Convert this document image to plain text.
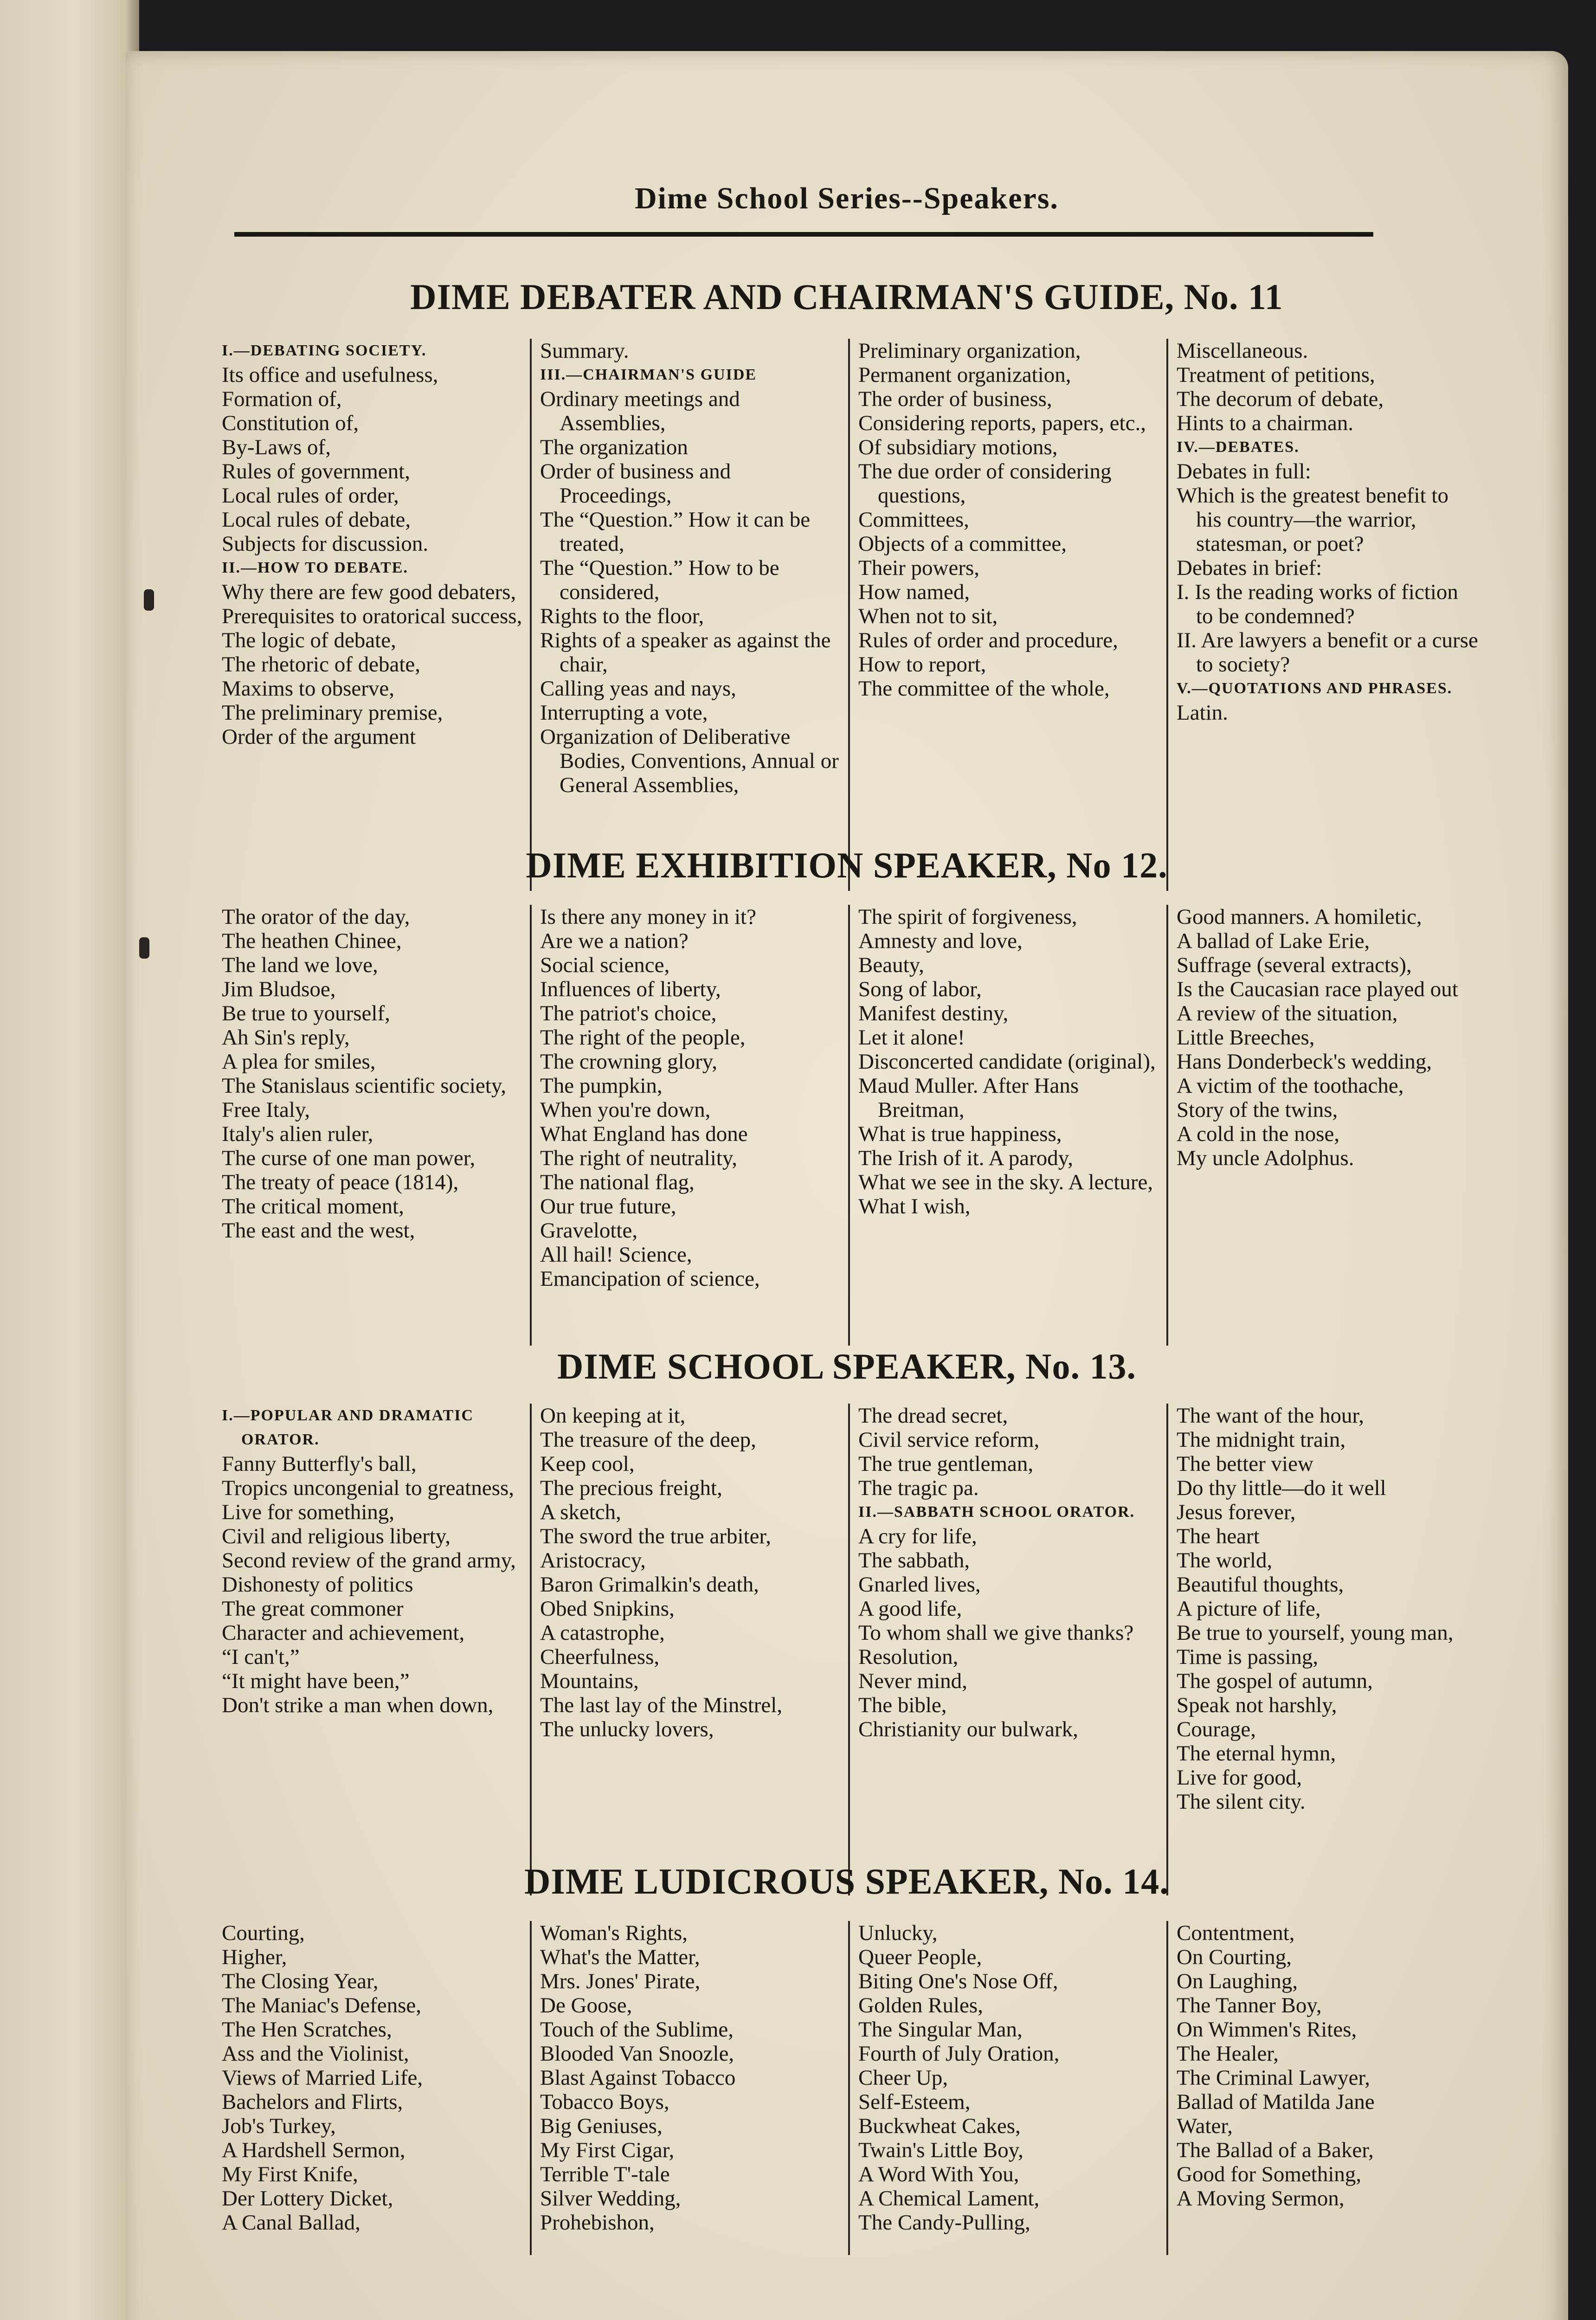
Dime School Series--Speakers.
DIME DEBATER AND CHAIRMAN'S GUIDE, No. 11

I.—DEBATING SOCIETY.

Its office and usefulness,

Formation of,

Constitution of,

By-Laws of,

Rules of government,

Local rules of order,

Local rules of debate,

Subjects for discussion.

II.—HOW TO DEBATE.

Why there are few good debaters,

Prerequisites to oratorical success,

The logic of debate,

The rhetoric of debate,

Maxims to observe,

The preliminary premise,

Order of the argument

Summary.

III.—CHAIRMAN'S GUIDE

Ordinary meetings and Assemblies,

The organization

Order of business and Proceedings,

The “Question.” How it can be treated,

The “Question.” How to be considered,

Rights to the floor,

Rights of a speaker as against the chair,

Calling yeas and nays,

Interrupting a vote,

Organization of Deliberative Bodies, Conventions, Annual or General Assemblies,

Preliminary organization,

Permanent organization,

The order of business,

Considering reports, papers, etc.,

Of subsidiary motions,

The due order of considering questions,

Committees,

Objects of a committee,

Their powers,

How named,

When not to sit,

Rules of order and procedure,

How to report,

The committee of the whole,

Miscellaneous.

Treatment of petitions,

The decorum of debate,

Hints to a chairman.

IV.—DEBATES.

Debates in full:

Which is the greatest benefit to his country—the warrior, statesman, or poet?

Debates in brief:

I. Is the reading works of fiction to be condemned?

II. Are lawyers a benefit or a curse to society?

V.—QUOTATIONS AND PHRASES.

Latin.

DIME EXHIBITION SPEAKER, No 12.

The orator of the day,

The heathen Chinee,

The land we love,

Jim Bludsoe,

Be true to yourself,

Ah Sin's reply,

A plea for smiles,

The Stanislaus scientific society,

Free Italy,

Italy's alien ruler,

The curse of one man power,

The treaty of peace (1814),

The critical moment,

The east and the west,

Is there any money in it?

Are we a nation?

Social science,

Influences of liberty,

The patriot's choice,

The right of the people,

The crowning glory,

The pumpkin,

When you're down,

What England has done

The right of neutrality,

The national flag,

Our true future,

Gravelotte,

All hail! Science,

Emancipation of science,

The spirit of forgiveness,

Amnesty and love,

Beauty,

Song of labor,

Manifest destiny,

Let it alone!

Disconcerted candidate (original),

Maud Muller. After Hans Breitman,

What is true happiness,

The Irish of it. A parody,

What we see in the sky. A lecture,

What I wish,

Good manners. A homiletic,

A ballad of Lake Erie,

Suffrage (several extracts),

Is the Caucasian race played out

A review of the situation,

Little Breeches,

Hans Donderbeck's wedding,

A victim of the toothache,

Story of the twins,

A cold in the nose,

My uncle Adolphus.

DIME SCHOOL SPEAKER, No. 13.

I.—POPULAR AND DRAMATIC ORATOR.

Fanny Butterfly's ball,

Tropics uncongenial to greatness,

Live for something,

Civil and religious liberty,

Second review of the grand army,

Dishonesty of politics

The great commoner

Character and achievement,

“I can't,”

“It might have been,”

Don't strike a man when down,

On keeping at it,

The treasure of the deep,

Keep cool,

The precious freight,

A sketch,

The sword the true arbiter,

Aristocracy,

Baron Grimalkin's death,

Obed Snipkins,

A catastrophe,

Cheerfulness,

Mountains,

The last lay of the Minstrel,

The unlucky lovers,

The dread secret,

Civil service reform,

The true gentleman,

The tragic pa.

II.—SABBATH SCHOOL ORATOR.

A cry for life,

The sabbath,

Gnarled lives,

A good life,

To whom shall we give thanks?

Resolution,

Never mind,

The bible,

Christianity our bulwark,

The want of the hour,

The midnight train,

The better view

Do thy little—do it well

Jesus forever,

The heart

The world,

Beautiful thoughts,

A picture of life,

Be true to yourself, young man,

Time is passing,

The gospel of autumn,

Speak not harshly,

Courage,

The eternal hymn,

Live for good,

The silent city.

DIME LUDICROUS SPEAKER, No. 14.

Courting,

Higher,

The Closing Year,

The Maniac's Defense,

The Hen Scratches,

Ass and the Violinist,

Views of Married Life,

Bachelors and Flirts,

Job's Turkey,

A Hardshell Sermon,

My First Knife,

Der Lottery Dicket,

A Canal Ballad,

Woman's Rights,

What's the Matter,

Mrs. Jones' Pirate,

De Goose,

Touch of the Sublime,

Blooded Van Snoozle,

Blast Against Tobacco

Tobacco Boys,

Big Geniuses,

My First Cigar,

Terrible T'-tale

Silver Wedding,

Prohebishon,

Unlucky,

Queer People,

Biting One's Nose Off,

Golden Rules,

The Singular Man,

Fourth of July Oration,

Cheer Up,

Self-Esteem,

Buckwheat Cakes,

Twain's Little Boy,

A Word With You,

A Chemical Lament,

The Candy-Pulling,

Contentment,

On Courting,

On Laughing,

The Tanner Boy,

On Wimmen's Rites,

The Healer,

The Criminal Lawyer,

Ballad of Matilda Jane

Water,

The Ballad of a Baker,

Good for Something,

A Moving Sermon,
